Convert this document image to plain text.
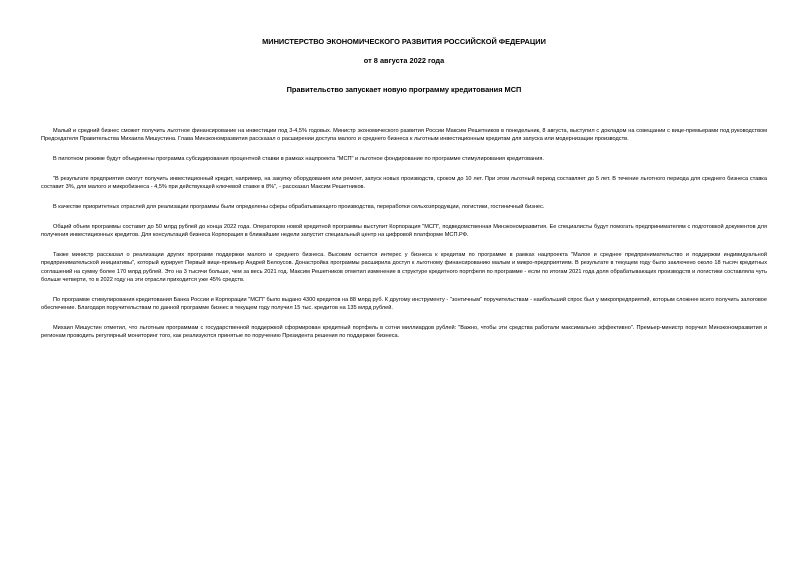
МИНИСТЕРСТВО ЭКОНОМИЧЕСКОГО РАЗВИТИЯ РОССИЙСКОЙ ФЕДЕРАЦИИ

от 8 августа 2022 года

Правительство запускает новую программу кредитования МСП

Малый и средний бизнес сможет получить льготное финансирование на инвестиции под 3-4,5% годовых. Министр экономического развития России Максим Решетников в понедельник, 8 августа, выступил с докладом на совещании с вице-премьерами под руководством Председателя Правительства Михаила Мишустина. Глава Минэкономразвития рассказал о расширении доступа малого и среднего бизнеса к льготным инвестиционным кредитам для запуска или модернизации производств.

В пилотном режиме будут объединены программа субсидирования процентной ставки в рамках нацпроекта "МСП" и льготное фондирование по программе стимулирования кредитования.

"В результате предприятия смогут получить инвестиционный кредит, например, на закупку оборудования или ремонт, запуск новых производств, сроком до 10 лет. При этом льготный период составляет до 5 лет. В течение льготного периода для среднего бизнеса ставка составит 3%, для малого и микробизнеса - 4,5% при действующей ключевой ставке в 8%", - рассказал Максим Решетников.

В качестве приоритетных отраслей для реализации программы были определены сферы обрабатывающего производства, переработки сельхозпродукции, логистики, гостиничный бизнес.

Общий объем программы составит до 50 млрд рублей до конца 2022 года. Оператором новой кредитной программы выступит Корпорация "МСП", подведомственная Минэкономразвития. Ее специалисты будут помогать предпринимателям с подготовкой документов для получения инвестиционных кредитов. Для консультаций бизнеса Корпорация в ближайшие недели запустит специальный центр на цифровой платформе МСП.РФ.

Также министр рассказал о реализации других программ поддержки малого и среднего бизнеса. Высоким остается интерес у бизнеса к кредитам по программе в рамках нацпроекта "Малое и среднее предпринимательство и поддержки индивидуальной предпринимательской инициативы", который курирует Первый вице-премьер Андрей Белоусов. Донастройка программы расширила доступ к льготному финансированию малым и микро-предприятиям. В результате в текущем году было заключено около 18 тысяч кредитных соглашений на сумму более 170 млрд рублей. Это на 3 тысячи больше, чем за весь 2021 год. Максим Решетников отметил изменение в структуре кредитного портфеля по программе - если по итогам 2021 года доля обрабатывающих производств и логистики составляла чуть больше четверти, то в 2022 году на эти отрасли приходится уже 45% средств.

По программе стимулирования кредитования Банка России и Корпорации "МСП" было выдано 4300 кредитов на 88 млрд руб. К другому инструменту - "зонтичным" поручительствам - наибольший спрос был у микропредприятий, которым сложнее всего получить залоговое обеспечение. Благодаря поручительствам по данной программе бизнес в текущем году получил 15 тыс. кредитов на 135 млрд рублей.

Михаил Мишустин отметил, что льготным программам с государственной поддержкой сформирован кредитный портфель в сотни миллиардов рублей: "Важно, чтобы эти средства работали максимально эффективно". Премьер-министр поручил Минэкономразвития и регионам проводить регулярный мониторинг того, как реализуются принятые по поручению Президента решения по поддержке бизнеса.
